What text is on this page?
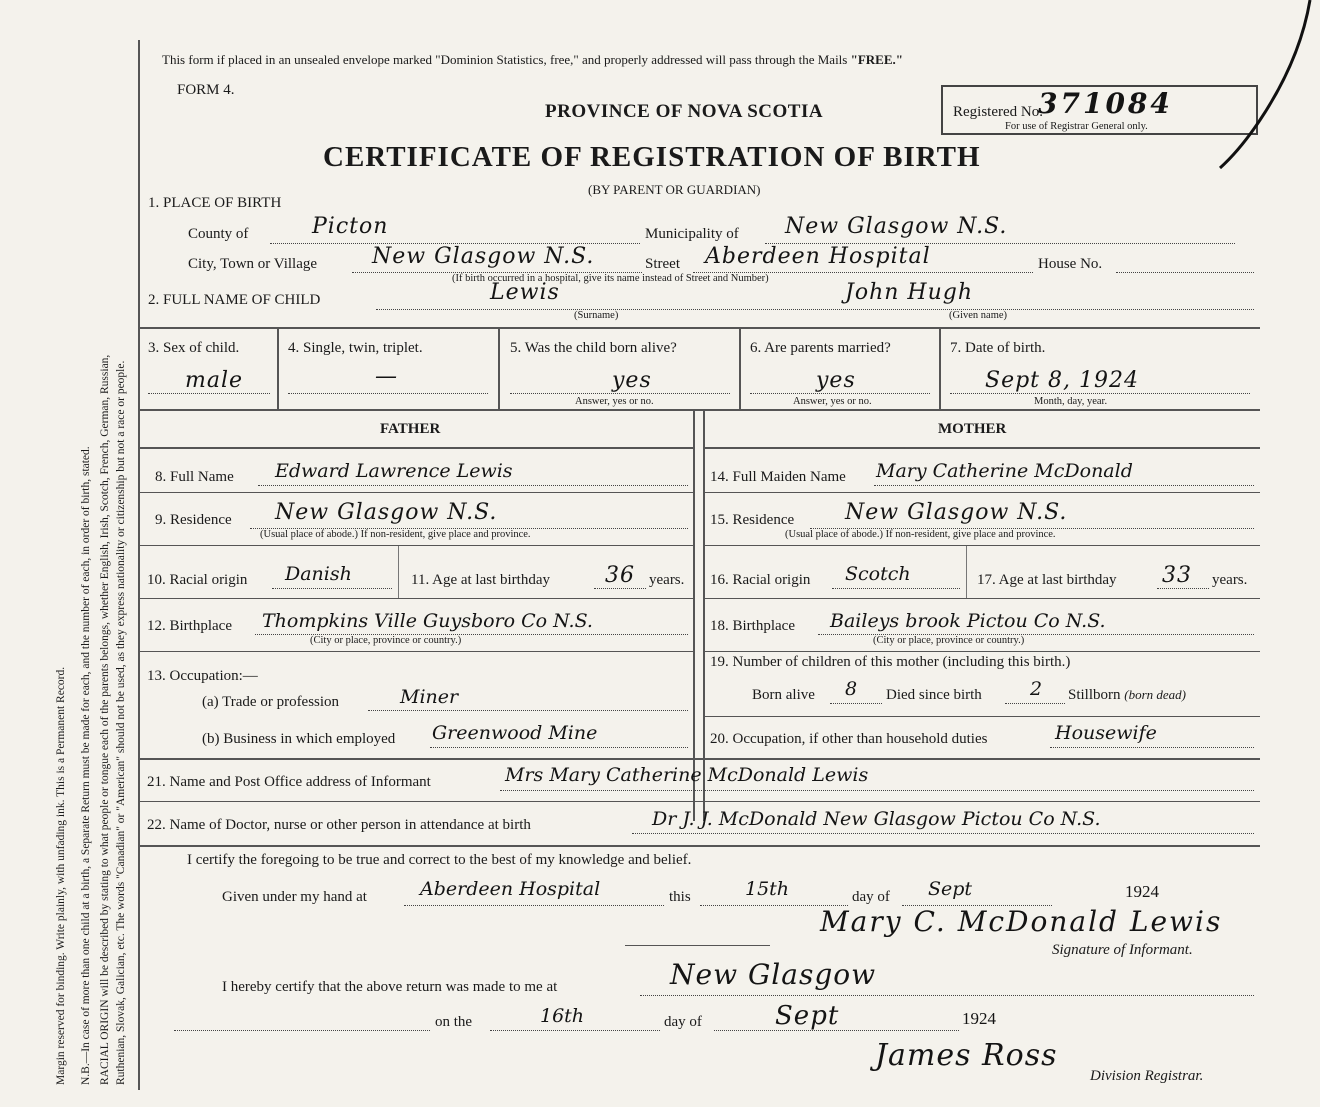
Margin reserved for binding. Write plainly, with unfading ink. This is a Permanent Record. N.B.—In case of more than one child at a birth, a Separate Return must be made for each, and the number of each, in order of birth, stated. RACIAL ORIGIN will be described by stating to what people or tongue each of the parents belongs, whether English, Irish, Scotch, French, German, Russian, Ruthenian, Slovak, Galician, etc. The words "Canadian" or "American" should not be used, as they express nationality or citizenship but not a race or people.
This form if placed in an unsealed envelope marked "Dominion Statistics, free," and properly addressed will pass through the Mails "FREE."
FORM 4.
PROVINCE OF NOVA SCOTIA
CERTIFICATE OF REGISTRATION OF BIRTH
(BY PARENT OR GUARDIAN)
Registered No.
371084
For use of Registrar General only.
1. PLACE OF BIRTH
County of	Picton	Municipality of New Glasgow N.S.
City, Town or Village New Glasgow N.S.	Street Aberdeen Hospital	House No.
(If birth occurred in a hospital, give its name instead of Street and Number)
2. FULL NAME OF CHILD	Lewis	John Hugh
(Surname)	(Given name)
3. Sex of child.
male
4. Single, twin, triplet.
—
5. Was the child born alive?
yes
Answer, yes or no.
6. Are parents married?
yes
Answer, yes or no.
7. Date of birth.
Sept 8, 1924
Month, day, year.
FATHER	MOTHER
8. Full Name Edward Lawrence Lewis
9. Residence New Glasgow N.S.
(Usual place of abode.) If non-resident, give place and province.
10. Racial origin Danish	11. Age at last birthday	36 years.
12. Birthplace Thompkins Ville Guysboro Co N.S.
(City or place, province or country.)
13. Occupation:—
(a) Trade or profession	Miner
(b) Business in which employed Greenwood Mine
14. Full Maiden Name Mary Catherine McDonald
15. Residence New Glasgow N.S.
(Usual place of abode.) If non-resident, give place and province.
16. Racial origin Scotch	17. Age at last birthday 33 years.
18. Birthplace Baileys brook Pictou Co N.S.
(City or place, province or country.)
19. Number of children of this mother (including this birth.)
Born alive 8 Died since birth	2 Stillborn (born dead)
20. Occupation, if other than household duties	Housewife
21. Name and Post Office address of Informant	Mrs Mary Catherine McDonald Lewis
22. Name of Doctor, nurse or other person in attendance at birth	Dr J. J. McDonald New Glasgow Pictou Co N.S.
I certify the foregoing to be true and correct to the best of my knowledge and belief.
Given under my hand at	Aberdeen Hospital	this	15th	day of Sept	1924
Mary C. McDonald Lewis
Signature of Informant.
I hereby certify that the above return was made to me at	New Glasgow
on the	16th	day of	Sept	1924
James Ross
Division Registrar.
